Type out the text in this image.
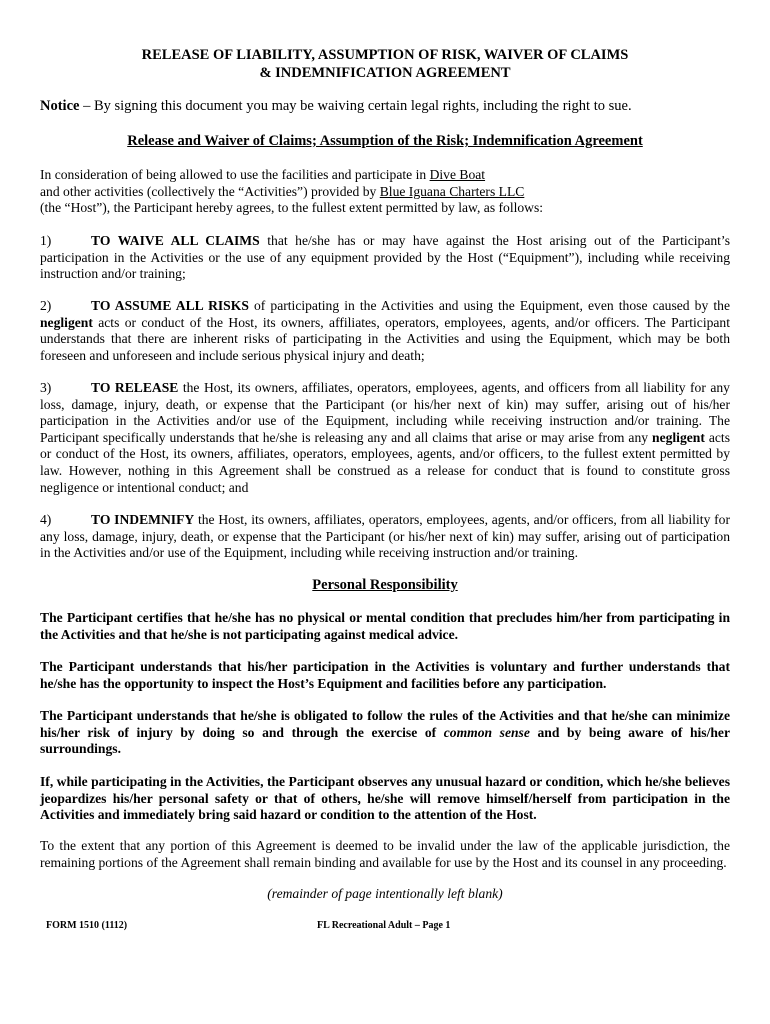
RELEASE OF LIABILITY, ASSUMPTION OF RISK, WAIVER OF CLAIMS
& INDEMNIFICATION AGREEMENT
Notice – By signing this document you may be waiving certain legal rights, including the right to sue.
Release and Waiver of Claims; Assumption of the Risk; Indemnification Agreement
In consideration of being allowed to use the facilities and participate in Dive Boat
and other activities (collectively the “Activities”) provided by Blue Iguana Charters LLC
(the “Host”), the Participant hereby agrees, to the fullest extent permitted by law, as follows:
1)	TO WAIVE ALL CLAIMS that he/she has or may have against the Host arising out of the Participant’s participation in the Activities or the use of any equipment provided by the Host (“Equipment”), including while receiving instruction and/or training;
2)	TO ASSUME ALL RISKS of participating in the Activities and using the Equipment, even those caused by the negligent acts or conduct of the Host, its owners, affiliates, operators, employees, agents, and/or officers. The Participant understands that there are inherent risks of participating in the Activities and using the Equipment, which may be both foreseen and unforeseen and include serious physical injury and death;
3)	TO RELEASE the Host, its owners, affiliates, operators, employees, agents, and officers from all liability for any loss, damage, injury, death, or expense that the Participant (or his/her next of kin) may suffer, arising out of his/her participation in the Activities and/or use of the Equipment, including while receiving instruction and/or training. The Participant specifically understands that he/she is releasing any and all claims that arise or may arise from any negligent acts or conduct of the Host, its owners, affiliates, operators, employees, agents, and/or officers, to the fullest extent permitted by law. However, nothing in this Agreement shall be construed as a release for conduct that is found to constitute gross negligence or intentional conduct; and
4)	TO INDEMNIFY the Host, its owners, affiliates, operators, employees, agents, and/or officers, from all liability for any loss, damage, injury, death, or expense that the Participant (or his/her next of kin) may suffer, arising out of participation in the Activities and/or use of the Equipment, including while receiving instruction and/or training.
Personal Responsibility
The Participant certifies that he/she has no physical or mental condition that precludes him/her from participating in the Activities and that he/she is not participating against medical advice.
The Participant understands that his/her participation in the Activities is voluntary and further understands that he/she has the opportunity to inspect the Host’s Equipment and facilities before any participation.
The Participant understands that he/she is obligated to follow the rules of the Activities and that he/she can minimize his/her risk of injury by doing so and through the exercise of common sense and by being aware of his/her surroundings.
If, while participating in the Activities, the Participant observes any unusual hazard or condition, which he/she believes jeopardizes his/her personal safety or that of others, he/she will remove himself/herself from participation in the Activities and immediately bring said hazard or condition to the attention of the Host.
To the extent that any portion of this Agreement is deemed to be invalid under the law of the applicable jurisdiction, the remaining portions of the Agreement shall remain binding and available for use by the Host and its counsel in any proceeding.
(remainder of page intentionally left blank)
FORM 1510 (1112)	FL Recreational Adult – Page 1
